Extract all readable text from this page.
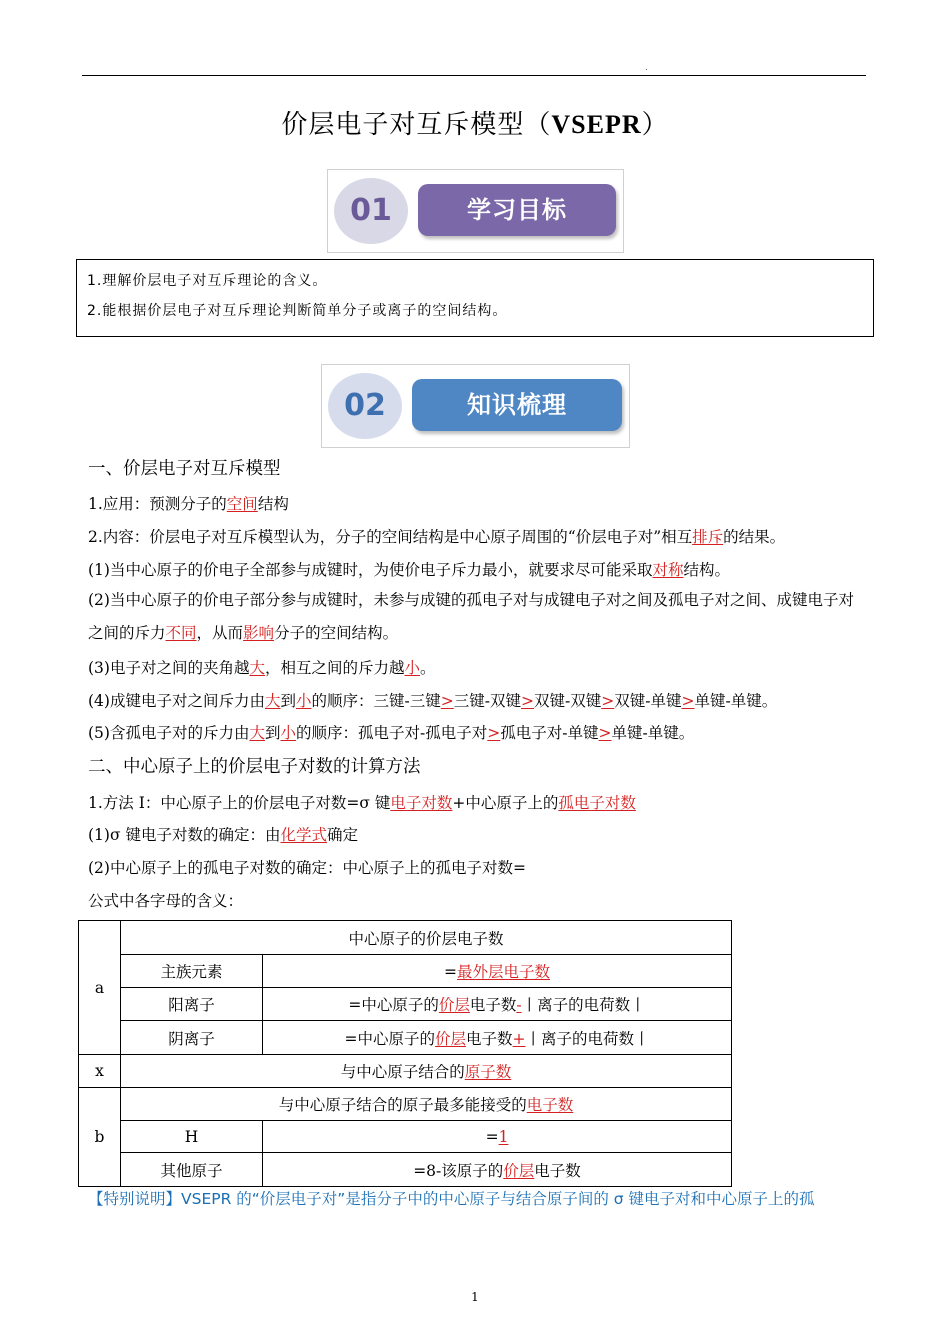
.
价层电子对互斥模型（VSEPR）
01	学习目标

1.理解价层电子对互斥理论的含义。

2.能根据价层电子对互斥理论判断简单分子或离子的空间结构。

02	知识梳理
一、价层电子对互斥模型
1.应用：预测分子的空间结构
2.内容：价层电子对互斥模型认为，分子的空间结构是中心原子周围的“价层电子对”相互排斥的结果。
(1)当中心原子的价电子全部参与成键时，为使价电子斥力最小，就要求尽可能采取对称结构。
(2)当中心原子的价电子部分参与成键时，未参与成键的孤电子对与成键电子对之间及孤电子对之间、成键电子对之间的斥力不同，从而影响分子的空间结构。
(3)电子对之间的夹角越大，相互之间的斥力越小。
(4)成键电子对之间斥力由大到小的顺序：三键-三键>三键-双键>双键-双键>双键-单键>单键-单键。
(5)含孤电子对的斥力由大到小的顺序：孤电子对-孤电子对>孤电子对-单键>单键-单键。
二、中心原子上的价层电子对数的计算方法
1.方法 I：中心原子上的价层电子对数=σ 键电子对数+中心原子上的孤电子对数
(1)σ 键电子对数的确定：由化学式确定
(2)中心原子上的孤电子对数的确定：中心原子上的孤电子对数=
公式中各字母的含义：
a	中心原子的价层电子数	
	主族元素	=最外层电子数
	阳离子	=中心原子的价层电子数-丨离子的电荷数丨
	阴离子	=中心原子的价层电子数+丨离子的电荷数丨
x	与中心原子结合的原子数	
b	与中心原子结合的原子最多能接受的电子数	
	H	=1
	其他原子	=8-该原子的价层电子数
【特别说明】VSEPR 的“价层电子对”是指分子中的中心原子与结合原子间的 σ 键电子对和中心原子上的孤
1
